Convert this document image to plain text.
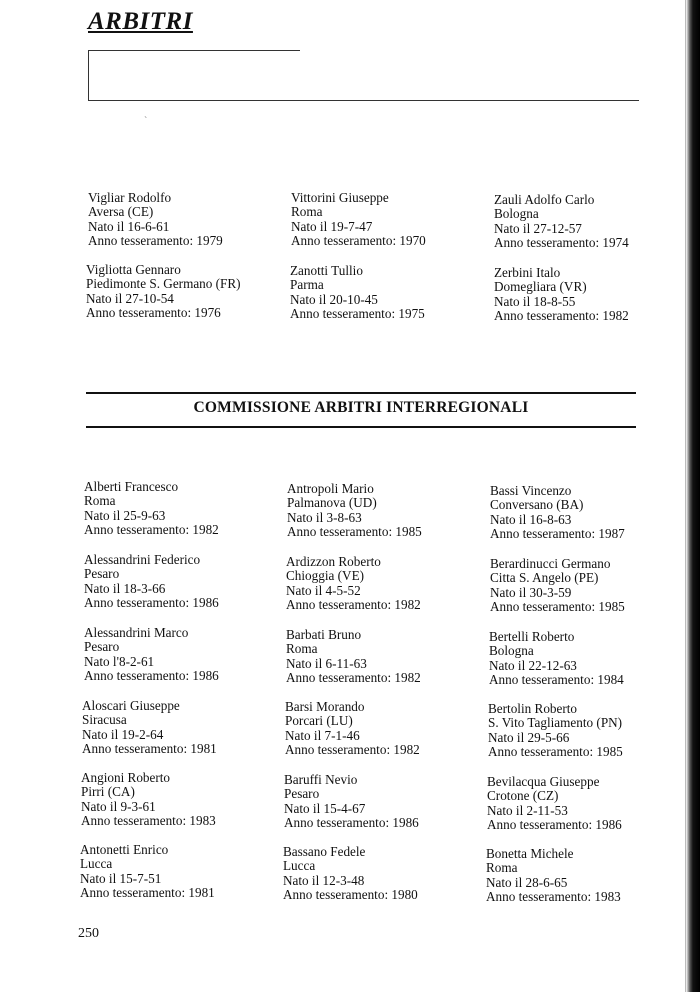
ARBITRI
ˋ
Vigliar Rodolfo
Aversa (CE)
Nato il 16-6-61
Anno tesseramento: 1979
Vittorini Giuseppe
Roma
Nato il 19-7-47
Anno tesseramento: 1970
Zauli Adolfo Carlo
Bologna
Nato il 27-12-57
Anno tesseramento: 1974
Vigliotta Gennaro
Piedimonte S. Germano (FR)
Nato il 27-10-54
Anno tesseramento: 1976
Zanotti Tullio
Parma
Nato il 20-10-45
Anno tesseramento: 1975
Zerbini Italo
Domegliara (VR)
Nato il 18-8-55
Anno tesseramento: 1982
COMMISSIONE ARBITRI INTERREGIONALI
Alberti Francesco
Roma
Nato il 25-9-63
Anno tesseramento: 1982
Antropoli Mario
Palmanova (UD)
Nato il 3-8-63
Anno tesseramento: 1985
Bassi Vincenzo
Conversano (BA)
Nato il 16-8-63
Anno tesseramento: 1987
Alessandrini Federico
Pesaro
Nato il 18-3-66
Anno tesseramento: 1986
Ardizzon Roberto
Chioggia (VE)
Nato il 4-5-52
Anno tesseramento: 1982
Berardinucci Germano
Citta S. Angelo (PE)
Nato il 30-3-59
Anno tesseramento: 1985
Alessandrini Marco
Pesaro
Nato l'8-2-61
Anno tesseramento: 1986
Barbati Bruno
Roma
Nato il 6-11-63
Anno tesseramento: 1982
Bertelli Roberto
Bologna
Nato il 22-12-63
Anno tesseramento: 1984
Aloscari Giuseppe
Siracusa
Nato il 19-2-64
Anno tesseramento: 1981
Barsi Morando
Porcari (LU)
Nato il 7-1-46
Anno tesseramento: 1982
Bertolin Roberto
S. Vito Tagliamento (PN)
Nato il 29-5-66
Anno tesseramento: 1985
Angioni Roberto
Pirri (CA)
Nato il 9-3-61
Anno tesseramento: 1983
Baruffi Nevio
Pesaro
Nato il 15-4-67
Anno tesseramento: 1986
Bevilacqua Giuseppe
Crotone (CZ)
Nato il 2-11-53
Anno tesseramento: 1986
Antonetti Enrico
Lucca
Nato il 15-7-51
Anno tesseramento: 1981
Bassano Fedele
Lucca
Nato il 12-3-48
Anno tesseramento: 1980
Bonetta Michele
Roma
Nato il 28-6-65
Anno tesseramento: 1983
250
